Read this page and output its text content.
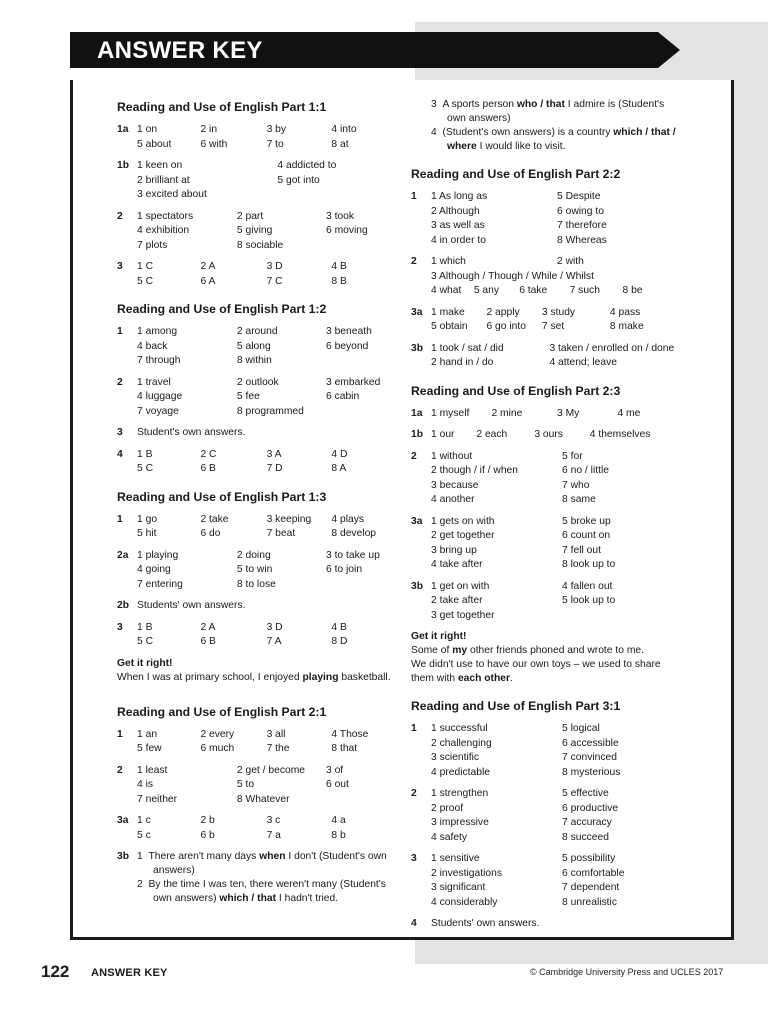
ANSWER KEY
Reading and Use of English Part 1:1
1a 1 on	2 in	3 by	4 into
5 about	6 with	7 to	8 at
1b 1 keen on	4 addicted to
2 brilliant at	5 got into
3 excited about
2	1 spectators	2 part	3 took
4 exhibition	5 giving	6 moving
7 plots	8 sociable
3	1 C	2 A	3 D	4 B
5 C	6 A	7 C	8 B
Reading and Use of English Part 1:2
1	1 among	2 around	3 beneath
4 back	5 along	6 beyond
7 through	8 within
2	1 travel	2 outlook	3 embarked
4 luggage	5 fee	6 cabin
7 voyage	8 programmed
3	Student's own answers.
4	1 B	2 C	3 A	4 D
5 C	6 B	7 D	8 A
Reading and Use of English Part 1:3
1	1 go	2 take	3 keeping	4 plays
5 hit	6 do	7 beat	8 develop
2a 1 playing	2 doing	3 to take up
4 going	5 to win	6 to join
7 entering	8 to lose
2b Students' own answers.
3	1 B	2 A	3 D	4 B
5 C	6 B	7 A	8 D

Get it right!

When I was at primary school, I enjoyed playing basketball.

Reading and Use of English Part 2:1
1	1 an	2 every	3 all	4 Those
5 few	6 much	7 the	8 that
2	1 least	2 get / become	3 of
4 is	5 to	6 out
7 neither	8 Whatever
3a 1 c	2 b	3 c	4 a
5 c	6 b	7 a	8 b
3b 1 There aren't many days when I don't (Student's own answers)

2 By the time I was ten, there weren't many (Student's own answers) which / that I hadn't tried.

3 A sports person who / that I admire is (Student's own answers)

4 (Student's own answers) is a country which / that / where I would like to visit.

Reading and Use of English Part 2:2
1	1 As long as	5 Despite
2 Although	6 owing to
3 as well as	7 therefore
4 in order to	8 Whereas
2	1 which	2 with
3 Although / Though / While / Whilst
4 what	5 any	6 take	7 such	8 be
3a 1 make	2 apply	3 study	4 pass
5 obtain	6 go into	7 set	8 make
3b 1 took / sat / did	3 taken / enrolled on / done
2 hand in / do	4 attend; leave
Reading and Use of English Part 2:3
1a 1 myself	2 mine	3 My	4 me
1b 1 our	2 each	3 ours	4 themselves
2	1 without	5 for
2 though / if / when	6 no / little
3 because	7 who
4 another	8 same
3a 1 gets on with	5 broke up
2 get together	6 count on
3 bring up	7 fell out
4 take after	8 look up to
3b 1 get on with	4 fallen out
2 take after	5 look up to
3 get together

Get it right!

Some of my other friends phoned and wrote to me.

We didn't use to have our own toys – we used to share them with each other.

Reading and Use of English Part 3:1
1	1 successful	5 logical
2 challenging	6 accessible
3 scientific	7 convinced
4 predictable	8 mysterious
2	1 strengthen	5 effective
2 proof	6 productive
3 impressive	7 accuracy
4 safety	8 succeed
3	1 sensitive	5 possibility
2 investigations	6 comfortable
3 significant	7 dependent
4 considerably	8 unrealistic
4	Students' own answers.
122 ANSWER KEY	© Cambridge University Press and UCLES 2017
